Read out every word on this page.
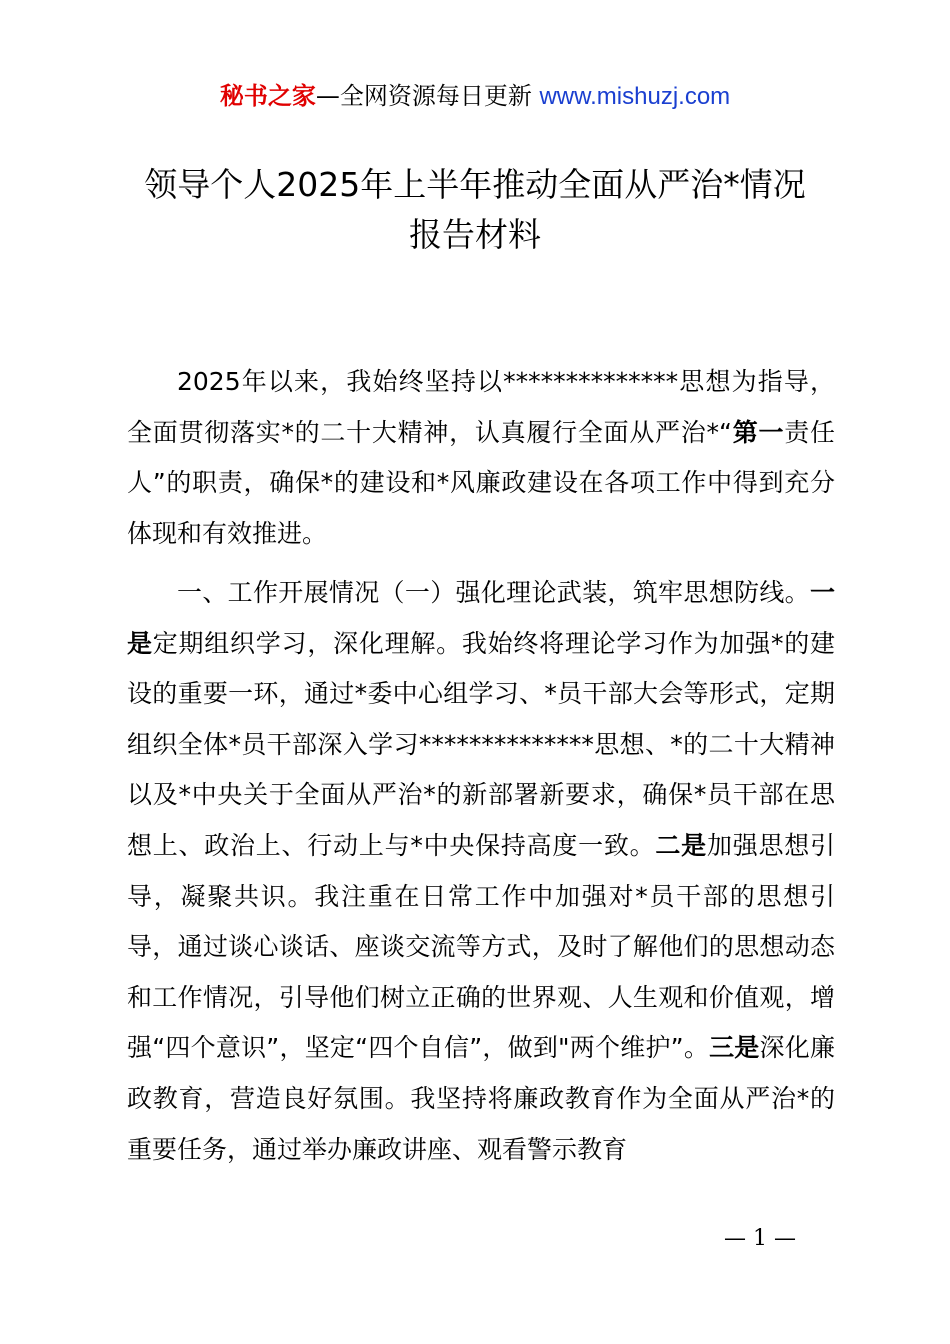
秘书之家—全网资源每日更新 www.mishuzj.com
领导个人2025年上半年推动全面从严治*情况
报告材料

2025年以来，我始终坚持以**************思想为指导，全面贯彻落实*的二十大精神，认真履行全面从严治*“第一责任人”的职责，确保*的建设和*风廉政建设在各项工作中得到充分体现和有效推进。

一、工作开展情况（一）强化理论武装，筑牢思想防线。一是定期组织学习，深化理解。我始终将理论学习作为加强*的建设的重要一环，通过*委中心组学习、*员干部大会等形式，定期组织全体*员干部深入学习**************思想、*的二十大精神以及*中央关于全面从严治*的新部署新要求，确保*员干部在思想上、政治上、行动上与*中央保持高度一致。二是加强思想引导，凝聚共识。我注重在日常工作中加强对*员干部的思想引导，通过谈心谈话、座谈交流等方式，及时了解他们的思想动态和工作情况，引导他们树立正确的世界观、人生观和价值观，增强“四个意识”，坚定“四个自信”，做到"两个维护”。三是深化廉政教育，营造良好氛围。我坚持将廉政教育作为全面从严治*的重要任务，通过举办廉政讲座、观看警示教育

— 1 —
